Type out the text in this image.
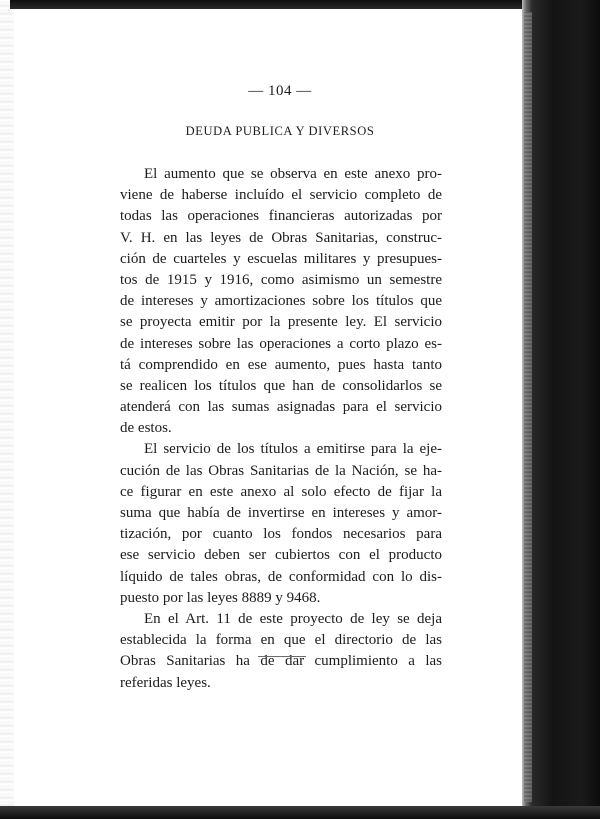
— 104 —
DEUDA PUBLICA Y DIVERSOS
El aumento que se observa en este anexo pro-
viene de haberse incluído el servicio completo de
todas las operaciones financieras autorizadas por
V. H. en las leyes de Obras Sanitarias, construc-
ción de cuarteles y escuelas militares y presupues-
tos de 1915 y 1916, como asimismo un semestre
de intereses y amortizaciones sobre los títulos que
se proyecta emitir por la presente ley. El servicio
de intereses sobre las operaciones a corto plazo es-
tá comprendido en ese aumento, pues hasta tanto
se realicen los títulos que han de consolidarlos se
atenderá con las sumas asignadas para el servicio
de estos.
El servicio de los títulos a emitirse para la eje-
cución de las Obras Sanitarias de la Nación, se ha-
ce figurar en este anexo al solo efecto de fijar la
suma que había de invertirse en intereses y amor-
tización, por cuanto los fondos necesarios para
ese servicio deben ser cubiertos con el producto
líquido de tales obras, de conformidad con lo dis-
puesto por las leyes 8889 y 9468.
En el Art. 11 de este proyecto de ley se deja
establecida la forma en que el directorio de las
Obras Sanitarias ha de dar cumplimiento a las
referidas leyes.
